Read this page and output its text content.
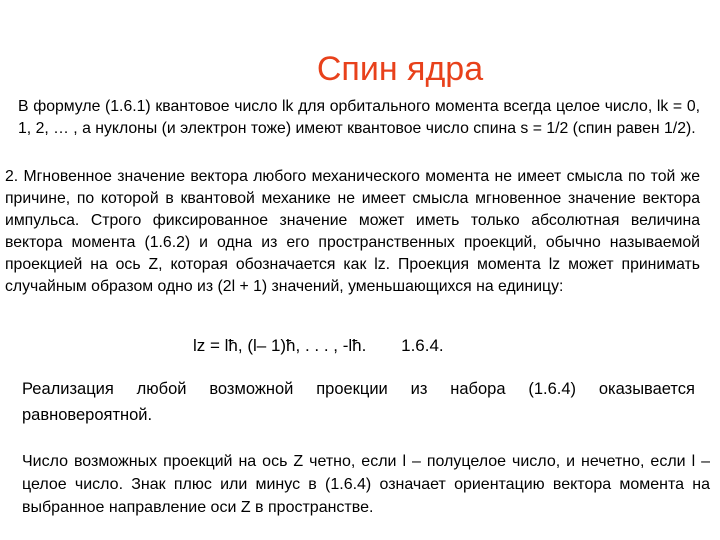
Спин ядра
В формуле (1.6.1) квантовое число lk для орбитального момента всегда целое число, lk = 0, 1, 2, … , а нуклоны (и электрон тоже) имеют квантовое число спина s = 1/2 (спин равен 1/2).
2. Мгновенное значение вектора любого механического момента не имеет смысла по той же причине, по которой в квантовой механике не имеет смысла мгновенное значение вектора импульса. Строго фиксированное значение может иметь только абсолютная величина вектора момента (1.6.2) и одна из его пространственных проекций, обычно называемой проекцией на ось Z, которая обозначается как lz. Проекция момента lz может принимать случайным образом одно из (2l + 1) значений, уменьшающихся на единицу:
lz = lħ, (l– 1)ħ, . . . , -lħ. 1.6.4.
Реализация любой возможной проекции из набора (1.6.4) оказывается равновероятной.
Число возможных проекций на ось Z четно, если l – полуцелое число, и нечетно, если l – целое число. Знак плюс или минус в (1.6.4) означает ориентацию вектора момента на выбранное направление оси Z в пространстве.
